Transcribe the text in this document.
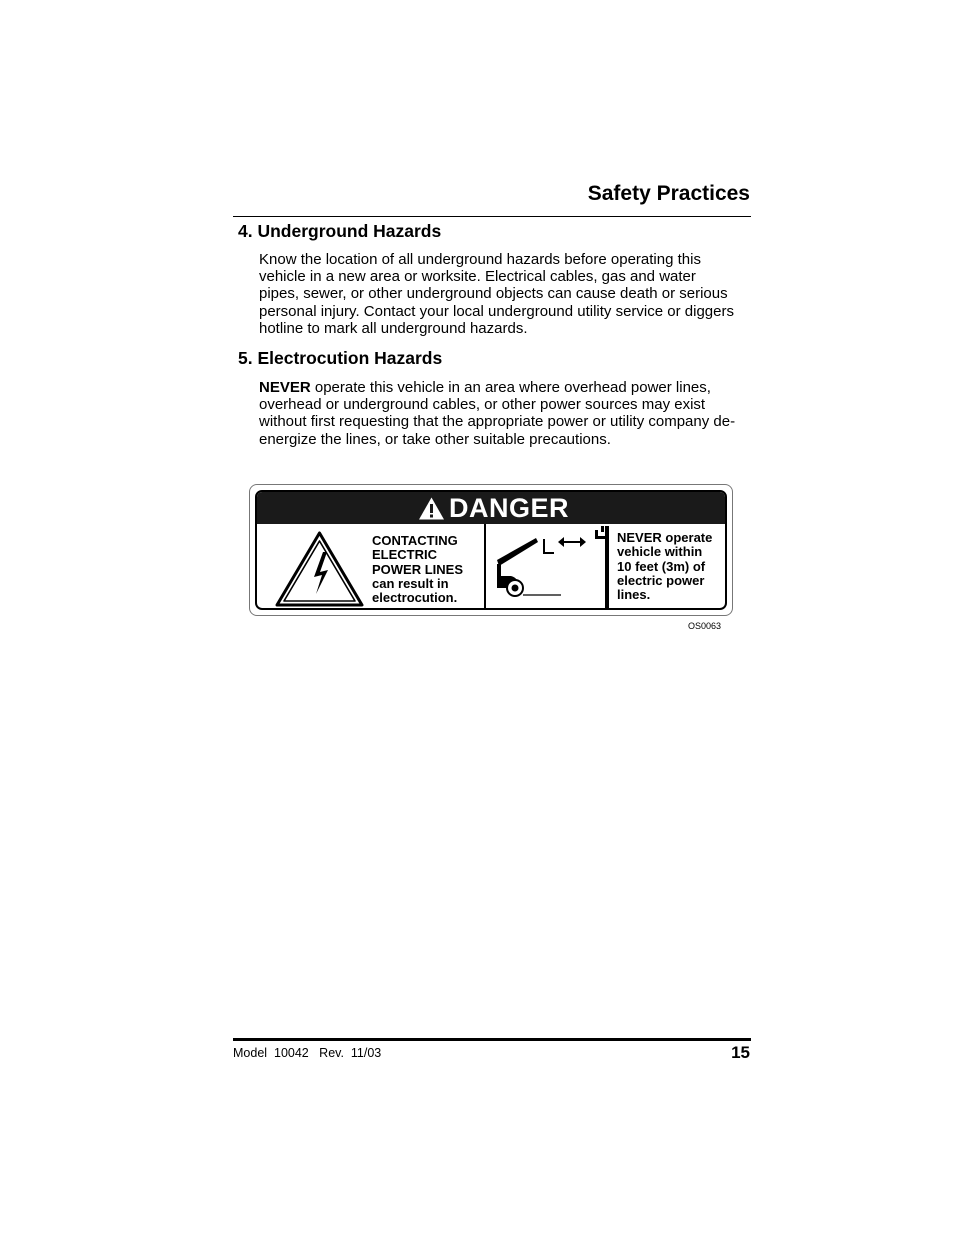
Safety Practices
4. Underground Hazards
Know the location of all underground hazards before operating this
vehicle in a new area or worksite. Electrical cables, gas and water
pipes, sewer, or other underground objects can cause death or serious
personal injury. Contact your local underground utility service or diggers
hotline to mark all underground hazards.
5. Electrocution Hazards
NEVER operate this vehicle in an area where overhead power lines,
overhead or underground cables, or other power sources may exist
without first requesting that the appropriate power or utility company de-
energize the lines, or take other suitable precautions.
DANGER
CONTACTING
ELECTRIC
POWER LINES
can result in
electrocution.
NEVER operate
vehicle within
10 feet (3m) of
electric power
lines.
OS0063
Model  10042   Rev.  11/03	15
